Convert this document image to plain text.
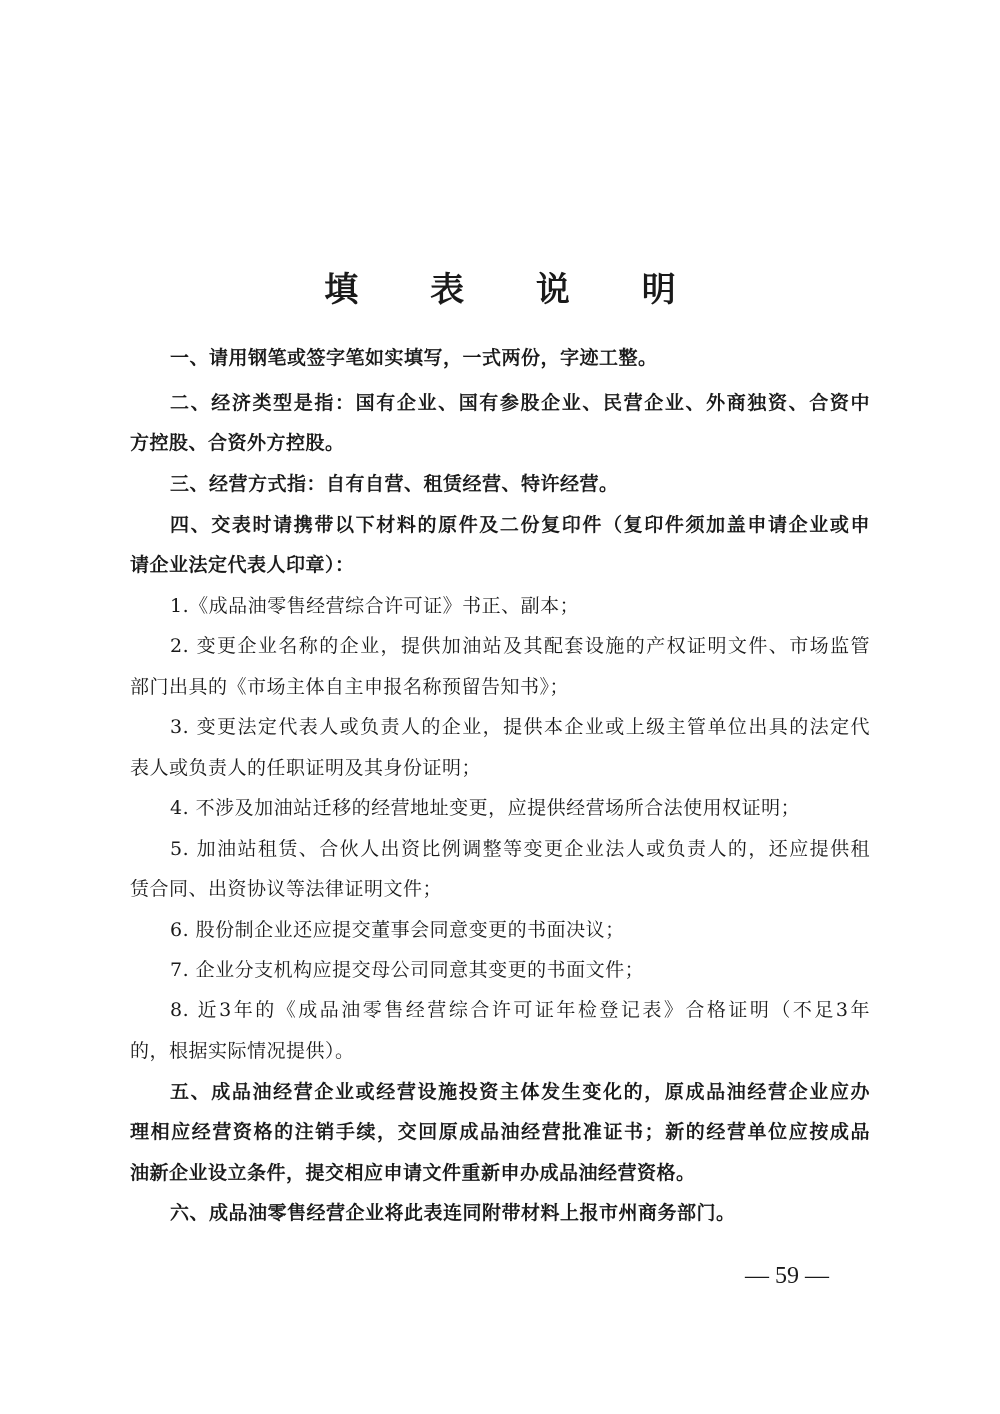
填 表 说 明
一、请用钢笔或签字笔如实填写，一式两份，字迹工整。
二、经济类型是指：国有企业、国有参股企业、民营企业、外商独资、合资中
方控股、合资外方控股。
三、经营方式指：自有自营、租赁经营、特许经营。
四、交表时请携带以下材料的原件及二份复印件（复印件须加盖申请企业或申
请企业法定代表人印章）：
1.《成品油零售经营综合许可证》书正、副本；
2. 变更企业名称的企业，提供加油站及其配套设施的产权证明文件、市场监管
部门出具的《市场主体自主申报名称预留告知书》；
3. 变更法定代表人或负责人的企业，提供本企业或上级主管单位出具的法定代
表人或负责人的任职证明及其身份证明；
4. 不涉及加油站迁移的经营地址变更，应提供经营场所合法使用权证明；
5. 加油站租赁、合伙人出资比例调整等变更企业法人或负责人的，还应提供租
赁合同、出资协议等法律证明文件；
6. 股份制企业还应提交董事会同意变更的书面决议；
7. 企业分支机构应提交母公司同意其变更的书面文件；
8. 近3年的《成品油零售经营综合许可证年检登记表》合格证明（不足3年
的，根据实际情况提供）。
五、成品油经营企业或经营设施投资主体发生变化的，原成品油经营企业应办
理相应经营资格的注销手续，交回原成品油经营批准证书；新的经营单位应按成品
油新企业设立条件，提交相应申请文件重新申办成品油经营资格。
六、成品油零售经营企业将此表连同附带材料上报市州商务部门。
— 59 —
